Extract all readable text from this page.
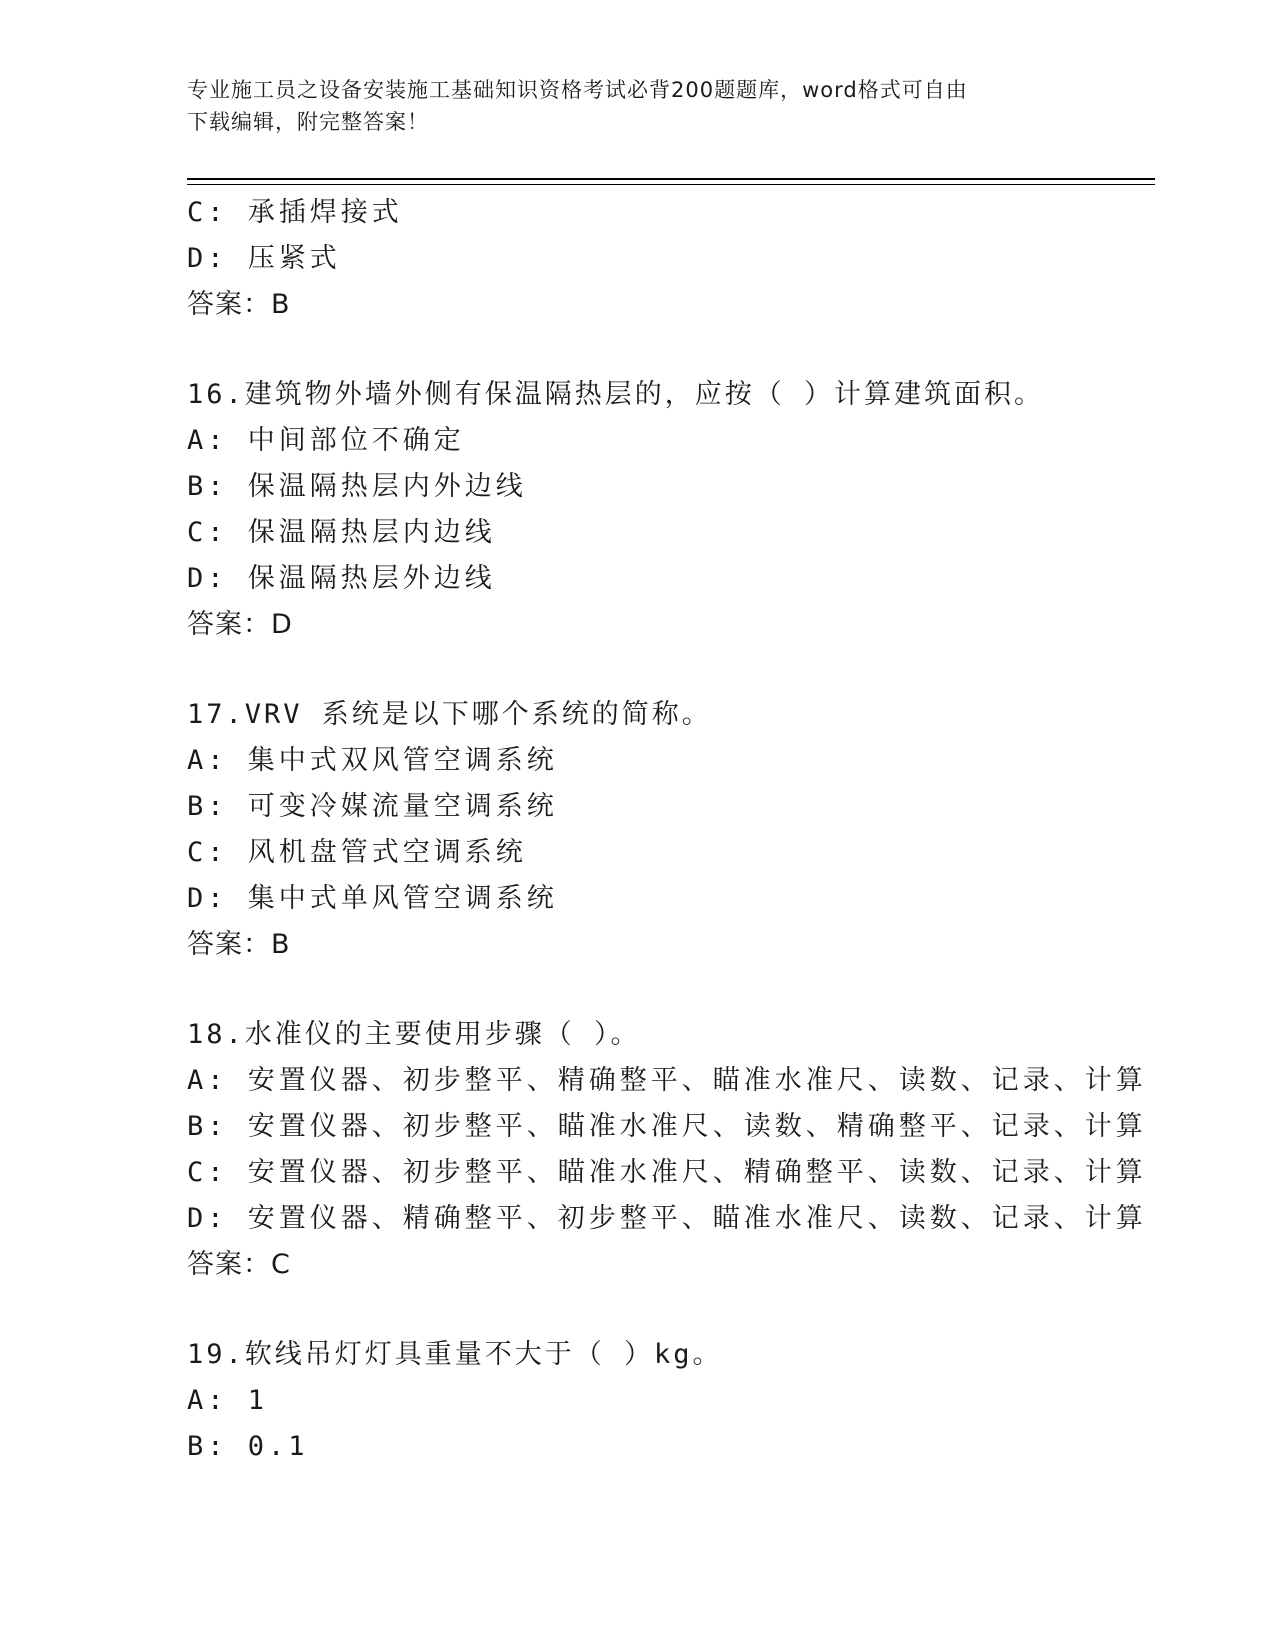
专业施工员之设备安装施工基础知识资格考试必背200题题库，word格式可自由
下载编辑，附完整答案！
C: 承插焊接式
D: 压紧式
答案：B
16.建筑物外墙外侧有保温隔热层的，应按（ ）计算建筑面积。
A: 中间部位不确定
B: 保温隔热层内外边线
C: 保温隔热层内边线
D: 保温隔热层外边线
答案：D
17.VRV 系统是以下哪个系统的简称。
A: 集中式双风管空调系统
B: 可变冷媒流量空调系统
C: 风机盘管式空调系统
D: 集中式单风管空调系统
答案：B
18.水准仪的主要使用步骤（ ）。
A: 安置仪器、初步整平、精确整平、瞄准水准尺、读数、记录、计算
B: 安置仪器、初步整平、瞄准水准尺、读数、精确整平、记录、计算
C: 安置仪器、初步整平、瞄准水准尺、精确整平、读数、记录、计算
D: 安置仪器、精确整平、初步整平、瞄准水准尺、读数、记录、计算
答案：C
19.软线吊灯灯具重量不大于（ ）kg。
A: 1
B: 0.1
